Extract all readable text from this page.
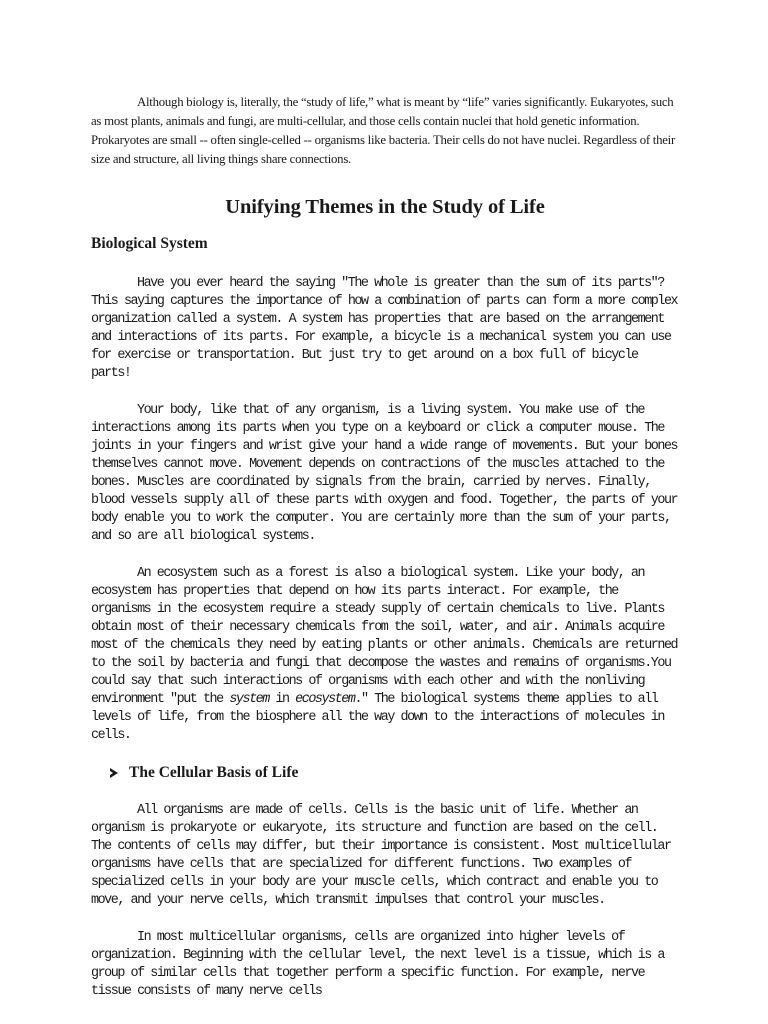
Although biology is, literally, the “study of life,” what is meant by “life” varies significantly. Eukaryotes, such as most plants, animals and fungi, are multi-cellular, and those cells contain nuclei that hold genetic information. Prokaryotes are small -- often single-celled -- organisms like bacteria. Their cells do not have nuclei. Regardless of their size and structure, all living things share connections.

Unifying Themes in the Study of Life
Biological System

Have you ever heard the saying "The whole is greater than the sum of its parts"? This saying captures the importance of how a combination of parts can form a more complex organization called a system. A system has properties that are based on the arrangement and interactions of its parts. For example, a bicycle is a mechanical system you can use for exercise or transportation. But just try to get around on a box full of bicycle parts!

Your body, like that of any organism, is a living system. You make use of the interactions among its parts when you type on a keyboard or click a computer mouse. The joints in your fingers and wrist give your hand a wide range of movements. But your bones themselves cannot move. Movement depends on contractions of the muscles attached to the bones. Muscles are coordinated by signals from the brain, carried by nerves. Finally, blood vessels supply all of these parts with oxygen and food. Together, the parts of your body enable you to work the computer. You are certainly more than the sum of your parts, and so are all biological systems.

An ecosystem such as a forest is also a biological system. Like your body, an ecosystem has properties that depend on how its parts interact. For example, the organisms in the ecosystem require a steady supply of certain chemicals to live. Plants obtain most of their necessary chemicals from the soil, water, and air. Animals acquire most of the chemicals they need by eating plants or other animals. Chemicals are returned to the soil by bacteria and fungi that decompose the wastes and remains of organisms.You could say that such interactions of organisms with each other and with the nonliving environment "put the system in ecosystem." The biological systems theme applies to all levels of life, from the biosphere all the way down to the interactions of molecules in cells.

The Cellular Basis of Life

All organisms are made of cells. Cells is the basic unit of life. Whether an organism is prokaryote or eukaryote, its structure and function are based on the cell. The contents of cells may differ, but their importance is consistent. Most multicellular organisms have cells that are specialized for different functions. Two examples of specialized cells in your body are your muscle cells, which contract and enable you to move, and your nerve cells, which transmit impulses that control your muscles.

In most multicellular organisms, cells are organized into higher levels of organization. Beginning with the cellular level, the next level is a tissue, which is a group of similar cells that together perform a specific function. For example, nerve tissue consists of many nerve cells
